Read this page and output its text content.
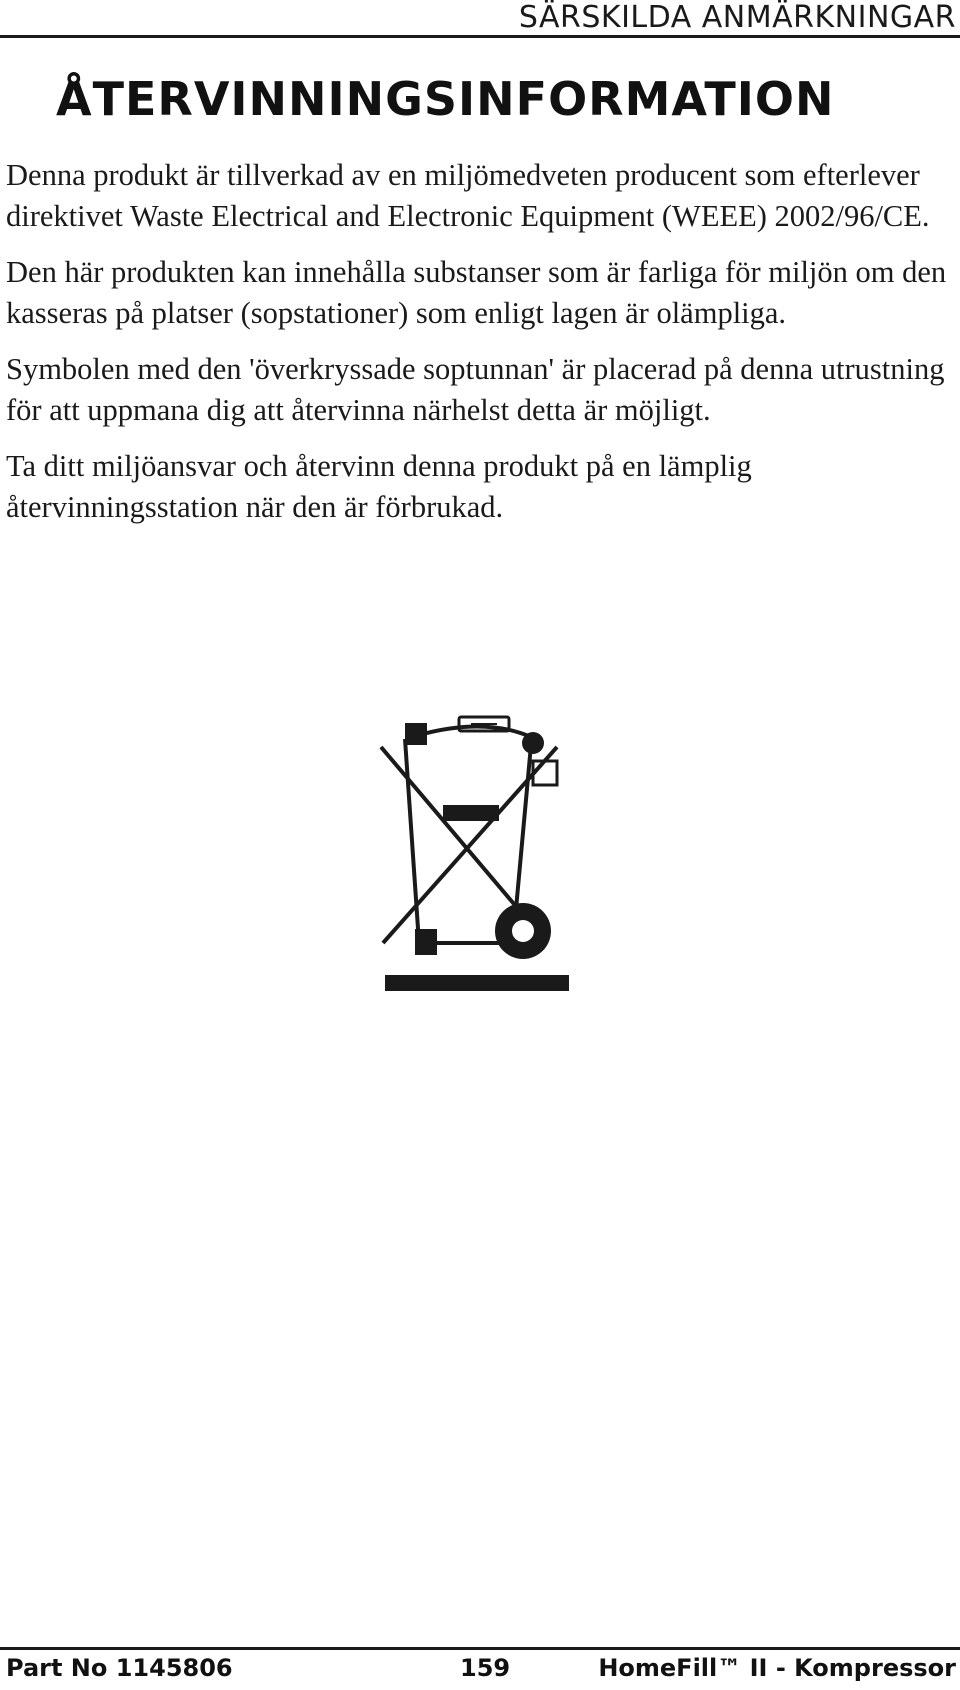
SÄRSKILDA ANMÄRKNINGAR
ÅTERVINNINGSINFORMATION

Denna produkt är tillverkad av en miljömedveten producent som efterlever direktivet Waste Electrical and Electronic Equipment (WEEE) 2002/96/CE.

Den här produkten kan innehålla substanser som är farliga för miljön om den kasseras på platser (sopstationer) som enligt lagen är olämpliga.

Symbolen med den 'överkryssade soptunnan' är placerad på denna utrustning för att uppmana dig att återvinna närhelst detta är möjligt.

Ta ditt miljöansvar och återvinn denna produkt på en lämplig återvinningsstation när den är förbrukad.

Part No 1145806	159	HomeFill™ II - Kompressor
